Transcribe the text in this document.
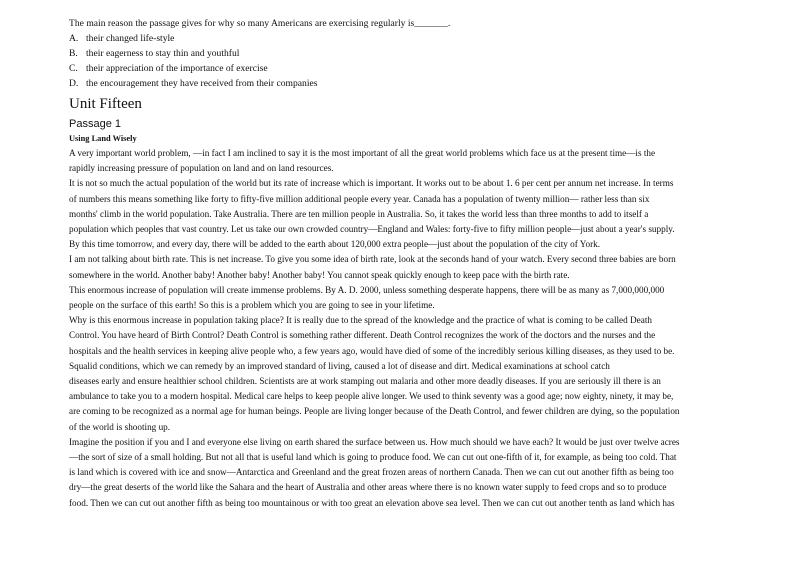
The main reason the passage gives for why so many Americans are exercising regularly is_______.

A. their changed life-style
B. their eagerness to stay thin and youthful
C. their appreciation of the importance of exercise
D. the encouragement they have received from their companies
Unit Fifteen
Passage 1
Using Land Wisely

A very important world problem, —in fact I am inclined to say it is the most important of all the great world problems which face us at the present time—is the
rapidly increasing pressure of population on land and on land resources.

It is not so much the actual population of the world but its rate of increase which is important. It works out to be about 1. 6 per cent per annum net increase. In terms
of numbers this means something like forty to fifty-five million additional people every year. Canada has a population of twenty million— rather less than six
months' climb in the world population. Take Australia. There are ten million people in Australia. So, it takes the world less than three months to add to itself a
population which peoples that vast country. Let us take our own crowded country—England and Wales: forty-five to fifty million people—just about a year's supply.
By this time tomorrow, and every day, there will be added to the earth about 120,000 extra people—just about the population of the city of York.

I am not talking about birth rate. This is net increase. To give you some idea of birth rate, look at the seconds hand of your watch. Every second three babies are born
somewhere in the world. Another baby! Another baby! Another baby! You cannot speak quickly enough to keep pace with the birth rate.

This enormous increase of population will create immense problems. By A. D. 2000, unless something desperate happens, there will be as many as 7,000,000,000
people on the surface of this earth! So this is a problem which you are going to see in your lifetime.

Why is this enormous increase in population taking place? It is really due to the spread of the knowledge and the practice of what is coming to be called Death
Control. You have heard of Birth Control? Death Control is something rather different. Death Control recognizes the work of the doctors and the nurses and the
hospitals and the health services in keeping alive people who, a few years ago, would have died of some of the incredibly serious killing diseases, as they used to be.
Squalid conditions, which we can remedy by an improved standard of living, caused a lot of disease and dirt. Medical examinations at school catch
diseases early and ensure healthier school children. Scientists are at work stamping out malaria and other more deadly diseases. If you are seriously ill there is an
ambulance to take you to a modern hospital. Medical care helps to keep people alive longer. We used to think seventy was a good age; now eighty, ninety, it may be,
are coming to be recognized as a normal age for human beings. People are living longer because of the Death Control, and fewer children are dying, so the population
of the world is shooting up.

Imagine the position if you and I and everyone else living on earth shared the surface between us. How much should we have each? It would be just over twelve acres
—the sort of size of a small holding. But not all that is useful land which is going to produce food. We can cut out one-fifth of it, for example, as being too cold. That
is land which is covered with ice and snow—Antarctica and Greenland and the great frozen areas of northern Canada. Then we can cut out another fifth as being too
dry—the great deserts of the world like the Sahara and the heart of Australia and other areas where there is no known water supply to feed crops and so to produce
food. Then we can cut out another fifth as being too mountainous or with too great an elevation above sea level. Then we can cut out another tenth as land which has
